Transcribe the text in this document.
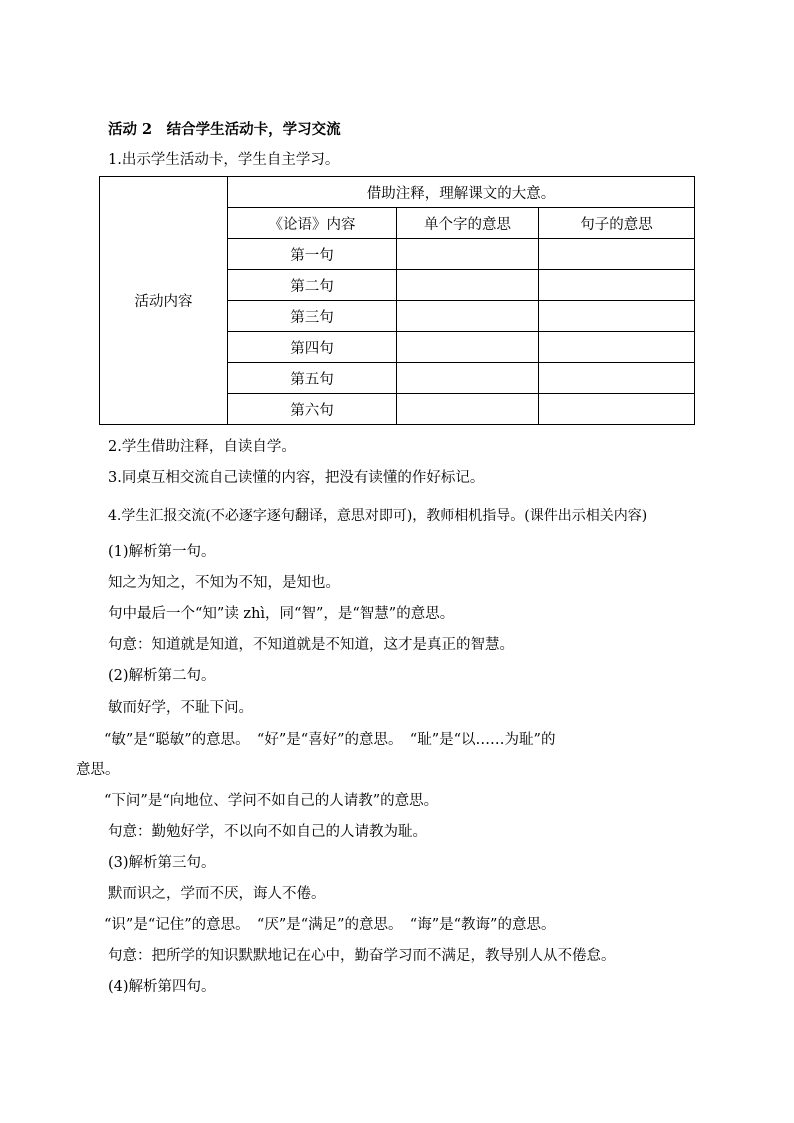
活动 2　结合学生活动卡，学习交流
1.出示学生活动卡，学生自主学习。
活动内容	借助注释，理解课文的大意。		
	《论语》内容	单个字的意思	句子的意思
	第一句		
	第二句		
	第三句		
	第四句		
	第五句		
	第六句		
2.学生借助注释，自读自学。
3.同桌互相交流自己读懂的内容，把没有读懂的作好标记。
4.学生汇报交流(不必逐字逐句翻译，意思对即可)，教师相机指导。(课件出示相关内容)
(1)解析第一句。
知之为知之，不知为不知，是知也。
句中最后一个“知”读 zhì，同“智”，是“智慧”的意思。
句意：知道就是知道，不知道就是不知道，这才是真正的智慧。
(2)解析第二句。
敏而好学，不耻下问。
“敏”是“聪敏”的意思。　“好”是“喜好”的意思。　“耻”是“以……为耻”的
意思。
“下问”是“向地位、学问不如自己的人请教”的意思。
句意：勤勉好学，不以向不如自己的人请教为耻。
(3)解析第三句。
默而识之，学而不厌，诲人不倦。
“识”是“记住”的意思。　“厌”是“满足”的意思。　“诲”是“教诲”的意思。
句意：把所学的知识默默地记在心中，勤奋学习而不满足，教导别人从不倦怠。
(4)解析第四句。
